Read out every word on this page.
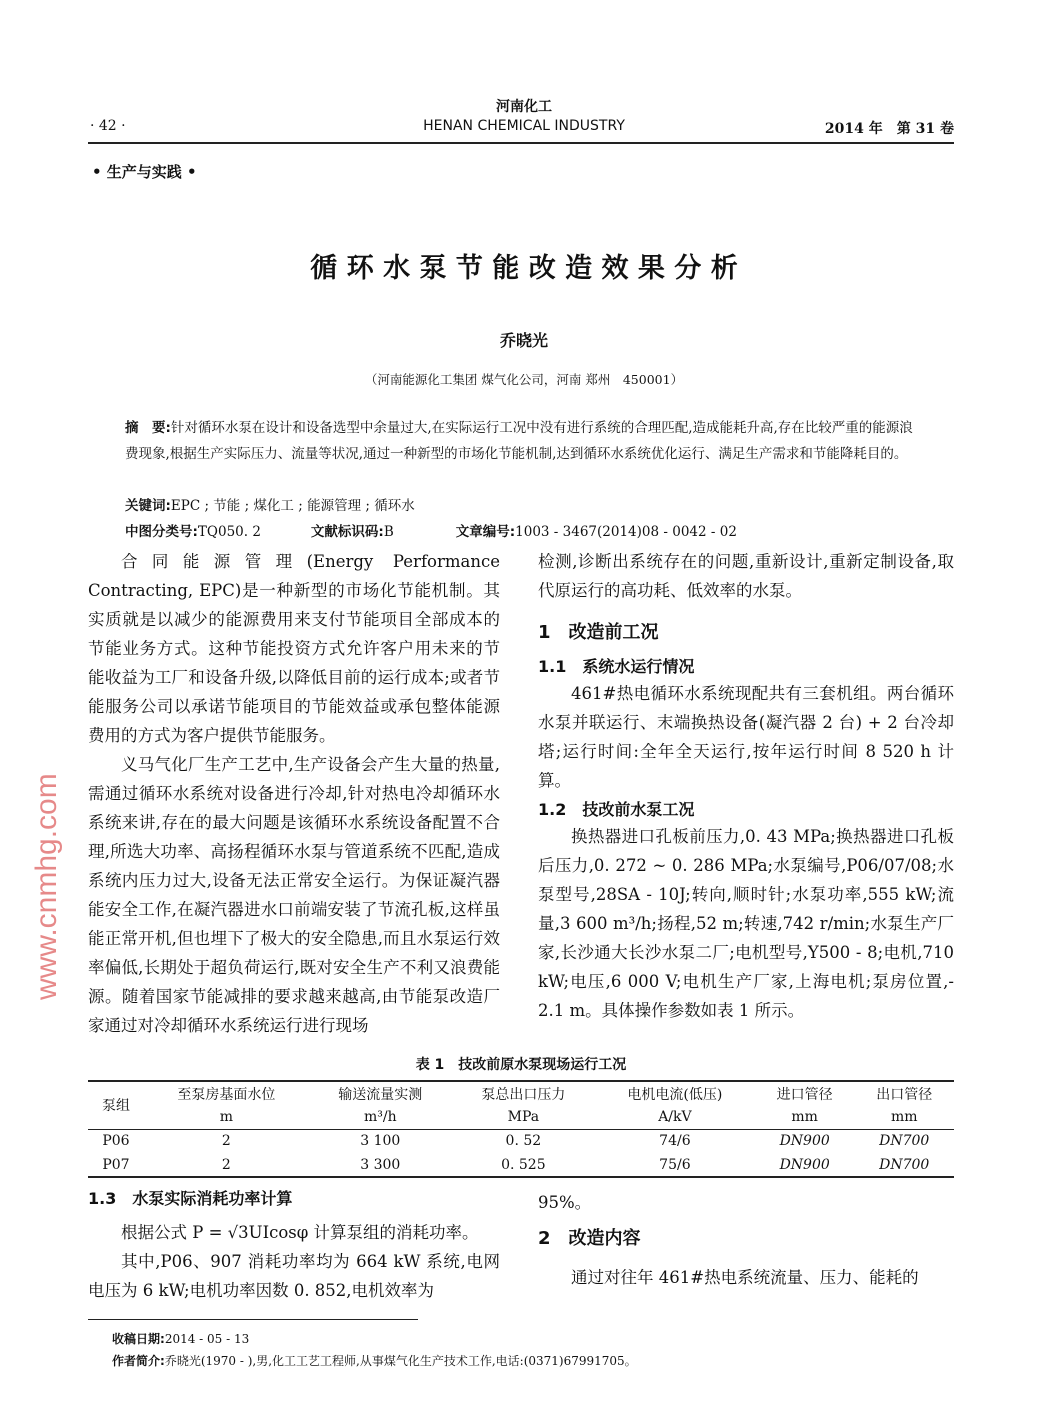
河南化工
HENAN CHEMICAL INDUSTRY
· 42 ·	2014 年　第 31 卷
• 生产与实践 •
循 环 水 泵 节 能 改 造 效 果 分 析
乔晓光
（河南能源化工集团 煤气化公司，河南 郑州　450001）
摘　要:针对循环水泵在设计和设备选型中余量过大,在实际运行工况中没有进行系统的合理匹配,造成能耗升高,存在比较严重的能源浪费现象,根据生产实际压力、流量等状况,通过一种新型的市场化节能机制,达到循环水系统优化运行、满足生产需求和节能降耗目的。
关键词:EPC ; 节能 ; 煤化工 ; 能源管理 ; 循环水
中图分类号:TQ050. 2	文献标识码:B	文章编号:1003 - 3467(2014)08 - 0042 - 02

合同能源管理(Energy Performance Contracting, EPC)是一种新型的市场化节能机制。其实质就是以减少的能源费用来支付节能项目全部成本的节能业务方式。这种节能投资方式允许客户用未来的节能收益为工厂和设备升级,以降低目前的运行成本;或者节能服务公司以承诺节能项目的节能效益或承包整体能源费用的方式为客户提供节能服务。

义马气化厂生产工艺中,生产设备会产生大量的热量,需通过循环水系统对设备进行冷却,针对热电冷却循环水系统来讲,存在的最大问题是该循环水系统设备配置不合理,所选大功率、高扬程循环水泵与管道系统不匹配,造成系统内压力过大,设备无法正常安全运行。为保证凝汽器能安全工作,在凝汽器进水口前端安装了节流孔板,这样虽能正常开机,但也埋下了极大的安全隐患,而且水泵运行效率偏低,长期处于超负荷运行,既对安全生产不利又浪费能源。随着国家节能减排的要求越来越高,由节能泵改造厂家通过对冷却循环水系统运行进行现场

检测,诊断出系统存在的问题,重新设计,重新定制设备,取代原运行的高功耗、低效率的水泵。

1　改造前工况
1.1　系统水运行情况

461#热电循环水系统现配共有三套机组。两台循环水泵并联运行、末端换热设备(凝汽器 2 台) + 2 台冷却塔;运行时间:全年全天运行,按年运行时间 8 520 h 计算。

1.2　技改前水泵工况

换热器进口孔板前压力,0. 43 MPa;换热器进口孔板后压力,0. 272 ~ 0. 286 MPa;水泵编号,P06/07/08;水泵型号,28SA - 10J;转向,顺时针;水泵功率,555 kW;流量,3 600 m³/h;扬程,52 m;转速,742 r/min;水泵生产厂家,长沙通大长沙水泵二厂;电机型号,Y500 - 8;电机,710 kW;电压,6 000 V;电机生产厂家,上海电机;泵房位置,- 2.1 m。具体操作参数如表 1 所示。

表 1　技改前原水泵现场运行工况
泵组	至泵房基面水位	输送流量实测	泵总出口压力	电机电流(低压)	进口管径	出口管径
	m	m³/h	MPa	A/kV	mm	mm
P06	2	3 100	0. 52	74/6	DN900	DN700
P07	2	3 300	0. 525	75/6	DN900	DN700
1.3　水泵实际消耗功率计算

根据公式 P = √3UIcosφ 计算泵组的消耗功率。

其中,P06、907 消耗功率均为 664 kW 系统,电网电压为 6 kW;电机功率因数 0. 852,电机效率为

95%。

2　改造内容

通过对往年 461#热电系统流量、压力、能耗的

收稿日期:2014 - 05 - 13
作者简介:乔晓光(1970 - ),男,化工工艺工程师,从事煤气化生产技术工作,电话:(0371)67991705。
www.cnmhg.com
